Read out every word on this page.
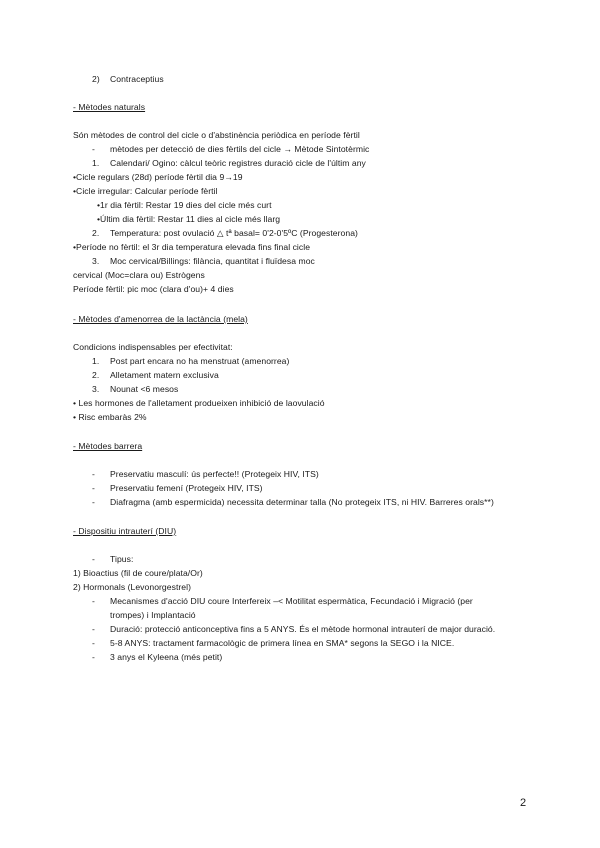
2) Contraceptius
- Mètodes naturals
Són mètodes de control del cicle o d'abstinència periòdica en període fèrtil
- mètodes per detecció de dies fèrtils del cicle → Mètode Sintotèrmic
1. Calendari/ Ogino: càlcul teòric registres duració cicle de l'últim any
•Cicle regulars (28d) període fèrtil dia 9→19
•Cicle irregular: Calcular període fèrtil
•1r dia fèrtil: Restar 19 dies del cicle més curt
•Últim dia fèrtil: Restar 11 dies al cicle més llarg
2. Temperatura: post ovulació △ tª basal= 0'2-0'5ºC (Progesterona)
•Període no fèrtil: el 3r dia temperatura elevada fins final cicle
3. Moc cervical/Billings: filància, quantitat i fluïdesa moc
cervical (Moc=clara ou) Estrògens
Període fèrtil: pic moc (clara d'ou)+ 4 dies
- Mètodes d'amenorrea de la lactància (mela)
Condicions indispensables per efectivitat:
1. Post part encara no ha menstruat (amenorrea)
2. Alletament matern exclusiva
3. Nounat <6 mesos
• Les hormones de l'alletament produeixen inhibició de laovulació
• Risc embaràs 2%
- Mètodes barrera
- Preservatiu masculí: ús perfecte!! (Protegeix HIV, ITS)
- Preservatiu femení (Protegeix HIV, ITS)
- Diafragma (amb espermicida) necessita determinar talla (No protegeix ITS, ni HIV. Barreres orals**)
- Dispositiu intrauterí (DIU)
- Tipus:
1) Bioactius (fil de coure/plata/Or)
2) Hormonals (Levonorgestrel)
- Mecanismes d'acció DIU coure Interfereix –< Motilitat espermàtica, Fecundació i Migració (per
trompes) i Implantació
- Duració: protecció anticonceptiva fins a 5 ANYS. És el mètode hormonal intrauterí de major duració.
- 5-8 ANYS: tractament farmacològic de primera línea en SMA* segons la SEGO i la NICE.
- 3 anys el Kyleena (més petit)
2
